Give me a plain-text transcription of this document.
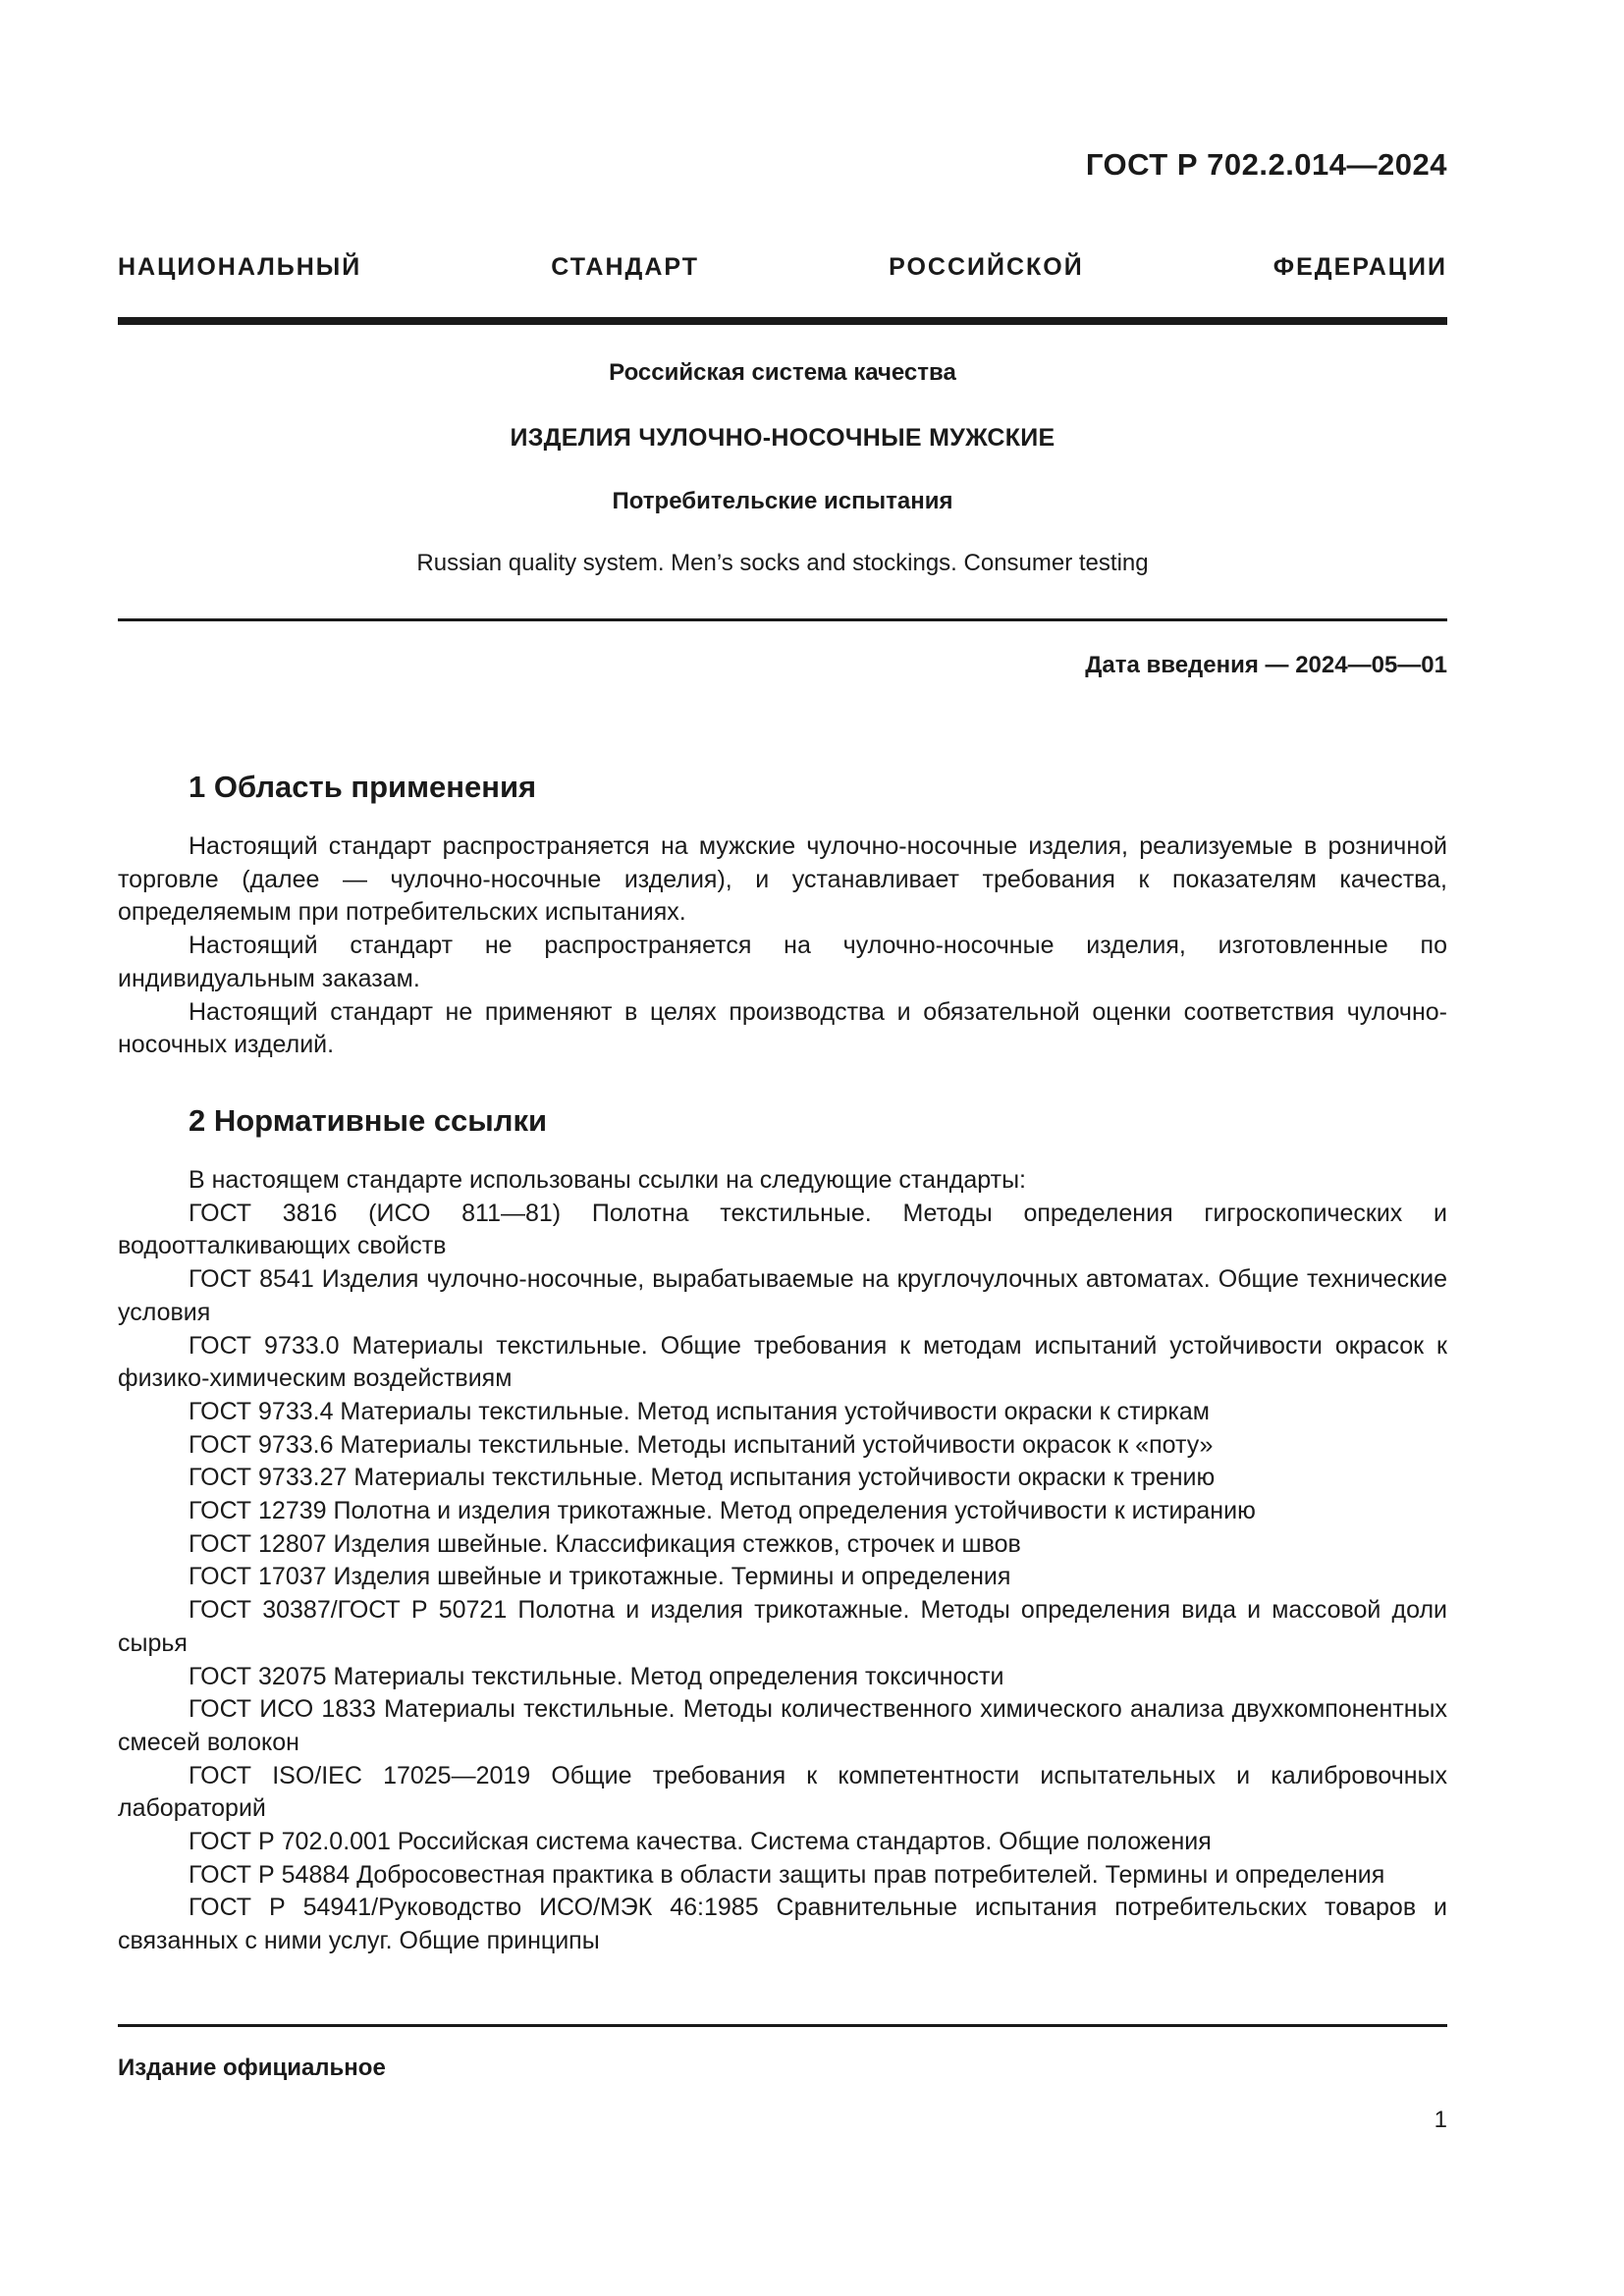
ГОСТ Р 702.2.014—2024
НАЦИОНАЛЬНЫЙ СТАНДАРТ РОССИЙСКОЙ ФЕДЕРАЦИИ
Российская система качества
ИЗДЕЛИЯ ЧУЛОЧНО-НОСОЧНЫЕ МУЖСКИЕ
Потребительские испытания
Russian quality system. Men’s socks and stockings. Consumer testing
Дата введения — 2024—05—01
1 Область применения

Настоящий стандарт распространяется на мужские чулочно-носочные изделия, реализуемые в розничной торговле (далее — чулочно-носочные изделия), и устанавливает требования к показателям качества, определяемым при потребительских испытаниях.

Настоящий стандарт не распространяется на чулочно-носочные изделия, изготовленные по индивидуальным заказам.

Настоящий стандарт не применяют в целях производства и обязательной оценки соответствия чулочно-носочных изделий.

2 Нормативные ссылки

В настоящем стандарте использованы ссылки на следующие стандарты:

ГОСТ 3816 (ИСО 811—81) Полотна текстильные. Методы определения гигроскопических и водоотталкивающих свойств

ГОСТ 8541 Изделия чулочно-носочные, вырабатываемые на круглочулочных автоматах. Общие технические условия

ГОСТ 9733.0 Материалы текстильные. Общие требования к методам испытаний устойчивости окрасок к физико-химическим воздействиям

ГОСТ 9733.4 Материалы текстильные. Метод испытания устойчивости окраски к стиркам

ГОСТ 9733.6 Материалы текстильные. Методы испытаний устойчивости окрасок к «поту»

ГОСТ 9733.27 Материалы текстильные. Метод испытания устойчивости окраски к трению

ГОСТ 12739 Полотна и изделия трикотажные. Метод определения устойчивости к истиранию

ГОСТ 12807 Изделия швейные. Классификация стежков, строчек и швов

ГОСТ 17037 Изделия швейные и трикотажные. Термины и определения

ГОСТ 30387/ГОСТ Р 50721 Полотна и изделия трикотажные. Методы определения вида и массовой доли сырья

ГОСТ 32075 Материалы текстильные. Метод определения токсичности

ГОСТ ИСО 1833 Материалы текстильные. Методы количественного химического анализа двухкомпонентных смесей волокон

ГОСТ ISO/IEC 17025—2019 Общие требования к компетентности испытательных и калибровочных лабораторий

ГОСТ Р 702.0.001 Российская система качества. Система стандартов. Общие положения

ГОСТ Р 54884 Добросовестная практика в области защиты прав потребителей. Термины и определения

ГОСТ Р 54941/Руководство ИСО/МЭК 46:1985 Сравнительные испытания потребительских товаров и связанных с ними услуг. Общие принципы

Издание официальное
1
